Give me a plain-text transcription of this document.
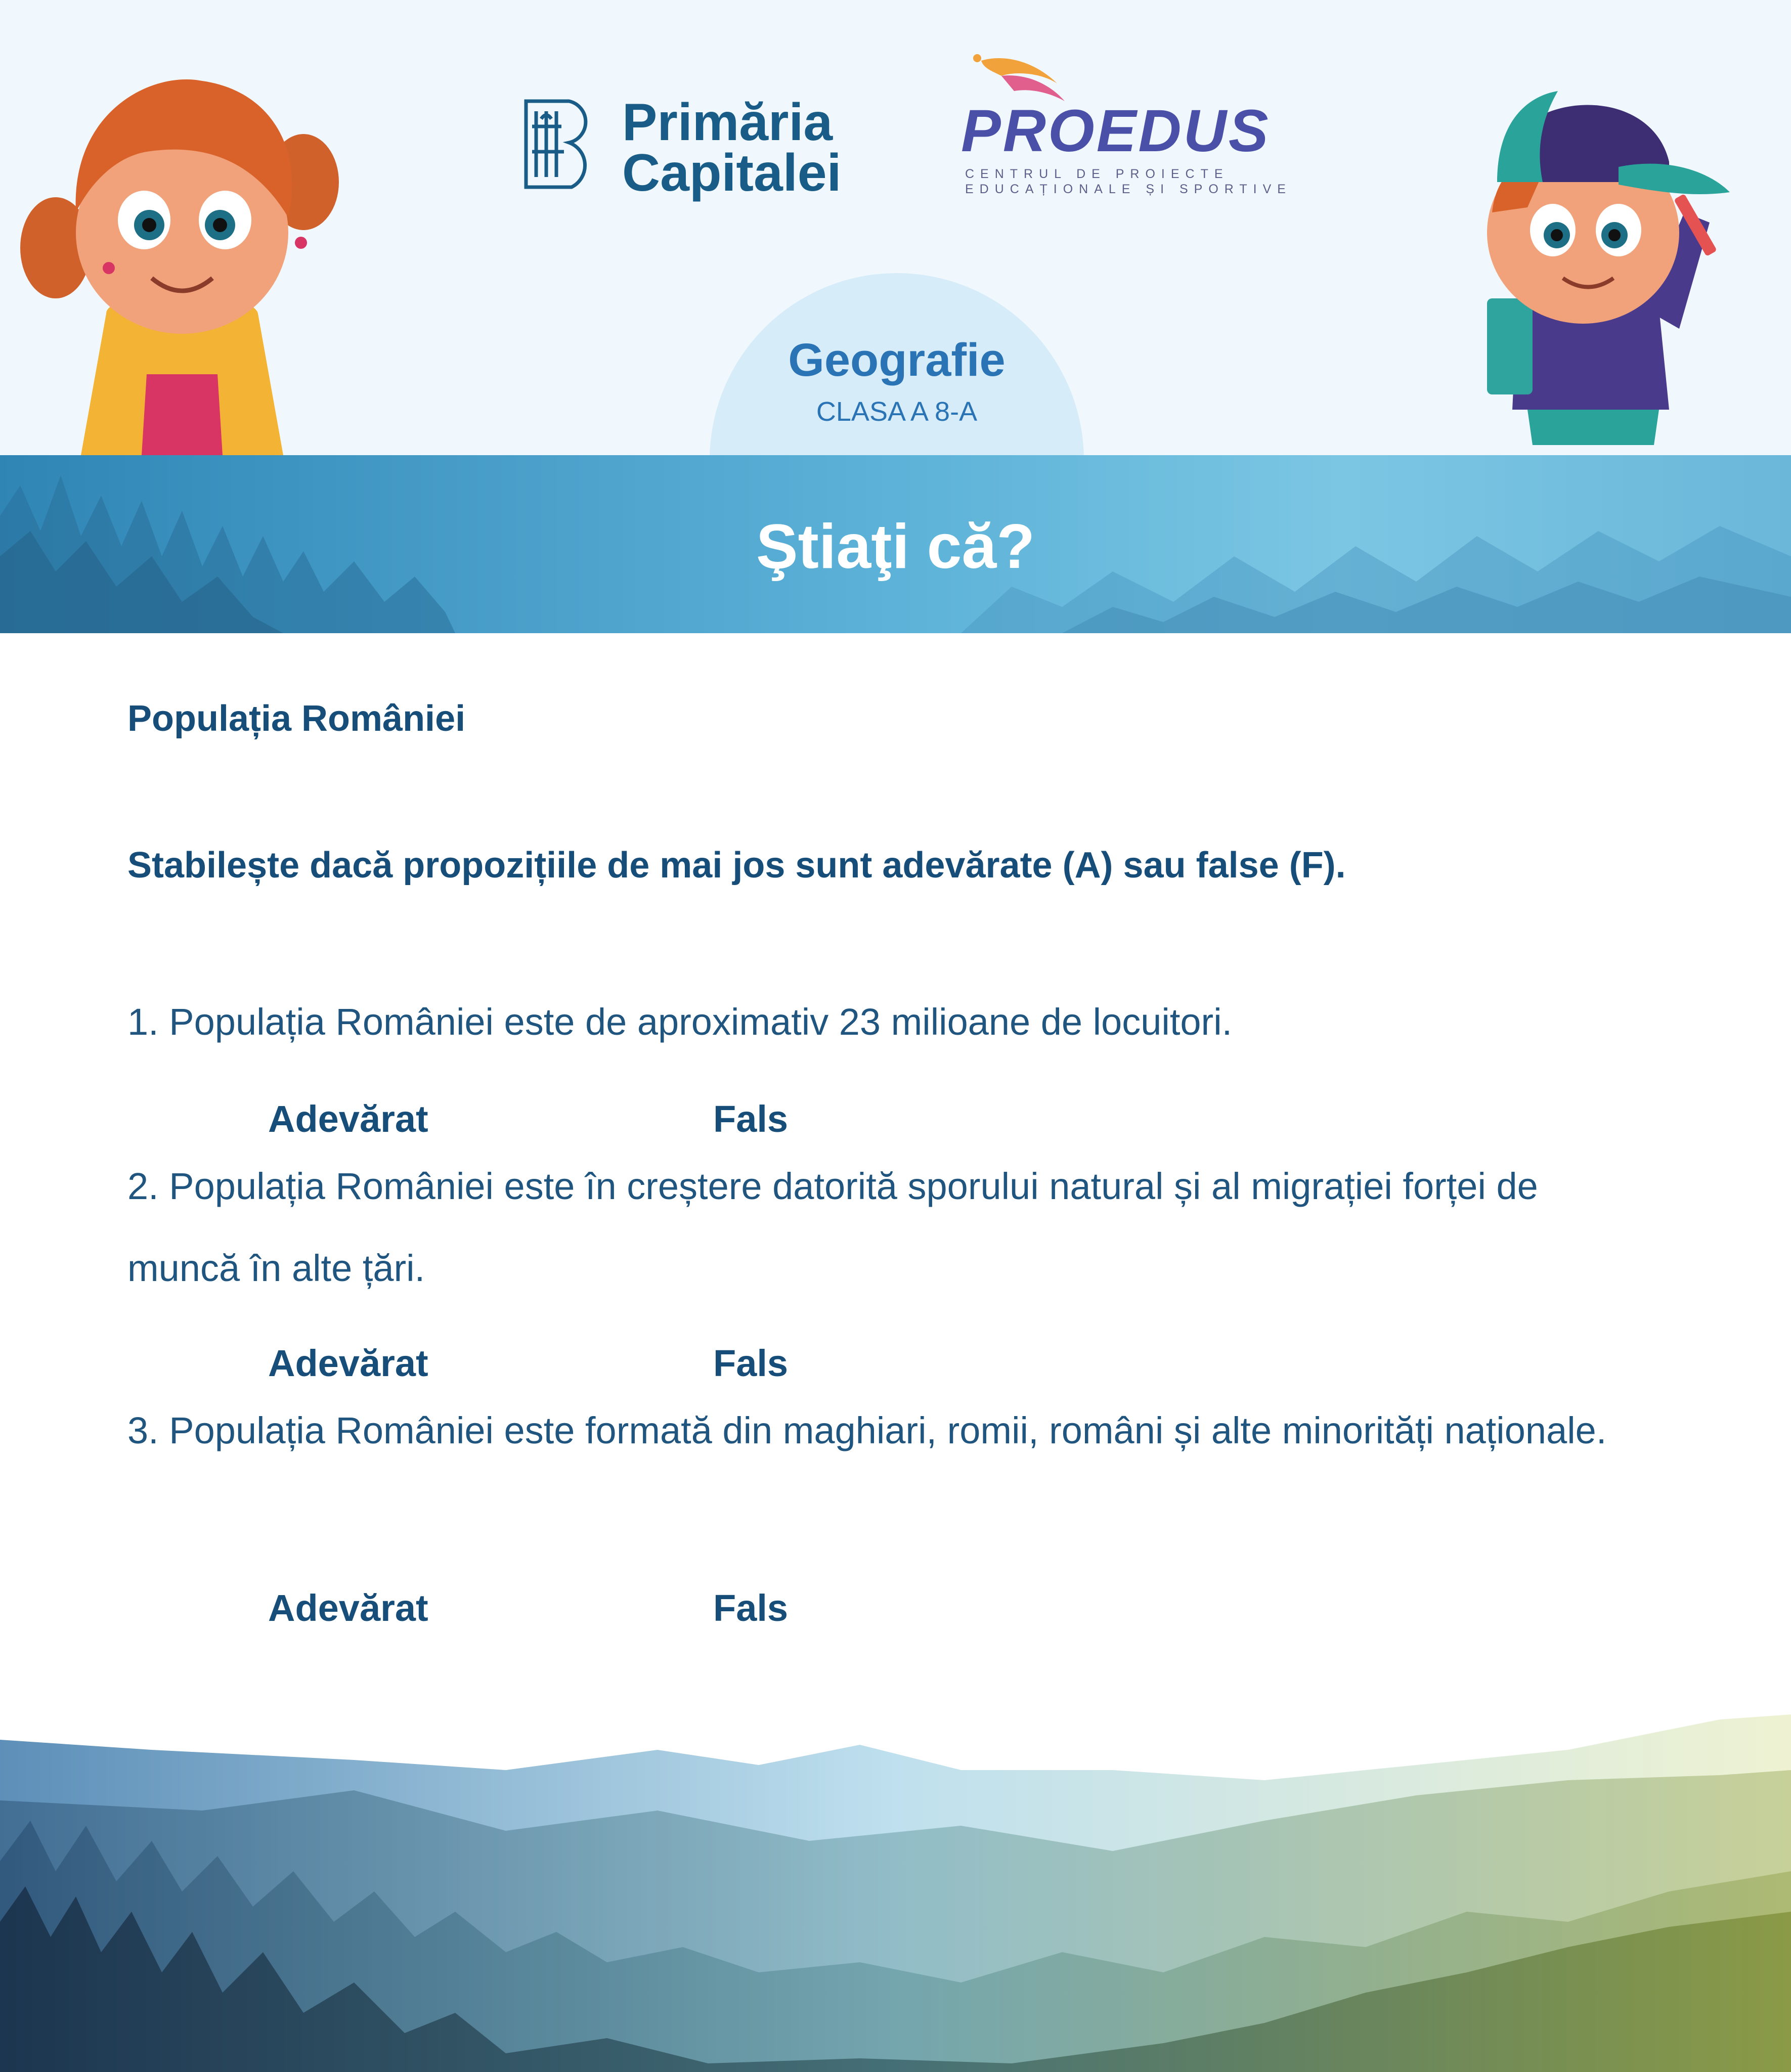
Geografie
CLASA A 8-A
Primăria
Capitalei
PROEDUS
CENTRUL DE PROIECTE
EDUCAȚIONALE ȘI SPORTIVE
Ştiaţi că?
Populația României
Stabilește dacă propozițiile de mai jos sunt adevărate (A) sau false (F).
1. Populația României este de aproximativ 23 milioane de locuitori.
Adevărat	Fals
2. Populația României este în creștere datorită sporului natural și al migrației forței de muncă în alte țări.
Adevărat	Fals
3. Populația României este formată din maghiari, romii, români și alte minorități naționale.
Adevărat	Fals
